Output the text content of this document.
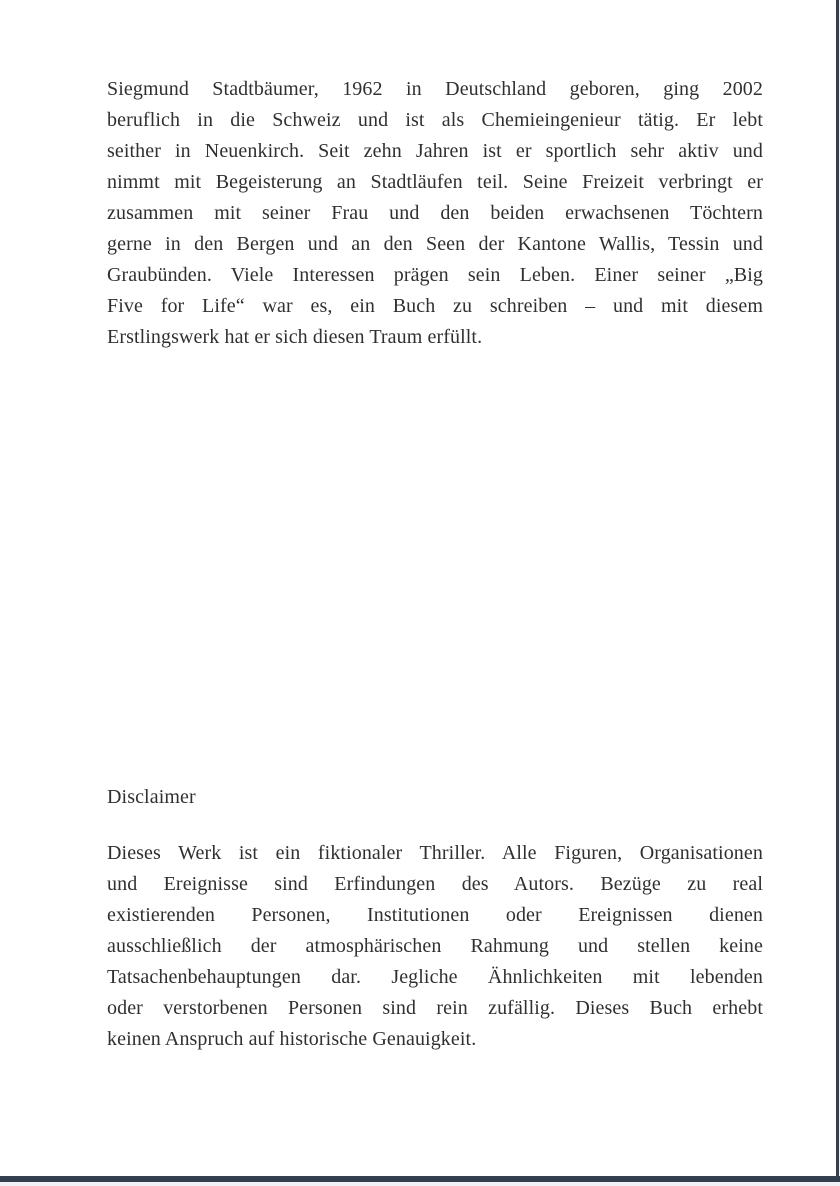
Siegmund Stadtbäumer, 1962 in Deutschland geboren, ging 2002
beruflich in die Schweiz und ist als Chemieingenieur tätig. Er lebt
seither in Neuenkirch. Seit zehn Jahren ist er sportlich sehr aktiv und
nimmt mit Begeisterung an Stadtläufen teil. Seine Freizeit verbringt er
zusammen mit seiner Frau und den beiden erwachsenen Töchtern
gerne in den Bergen und an den Seen der Kantone Wallis, Tessin und
Graubünden. Viele Interessen prägen sein Leben. Einer seiner „Big
Five for Life“ war es, ein Buch zu schreiben – und mit diesem
Erstlingswerk hat er sich diesen Traum erfüllt.
Disclaimer
Dieses Werk ist ein fiktionaler Thriller. Alle Figuren, Organisationen
und Ereignisse sind Erfindungen des Autors. Bezüge zu real
existierenden Personen, Institutionen oder Ereignissen dienen
ausschließlich der atmosphärischen Rahmung und stellen keine
Tatsachenbehauptungen dar. Jegliche Ähnlichkeiten mit lebenden
oder verstorbenen Personen sind rein zufällig. Dieses Buch erhebt
keinen Anspruch auf historische Genauigkeit.
